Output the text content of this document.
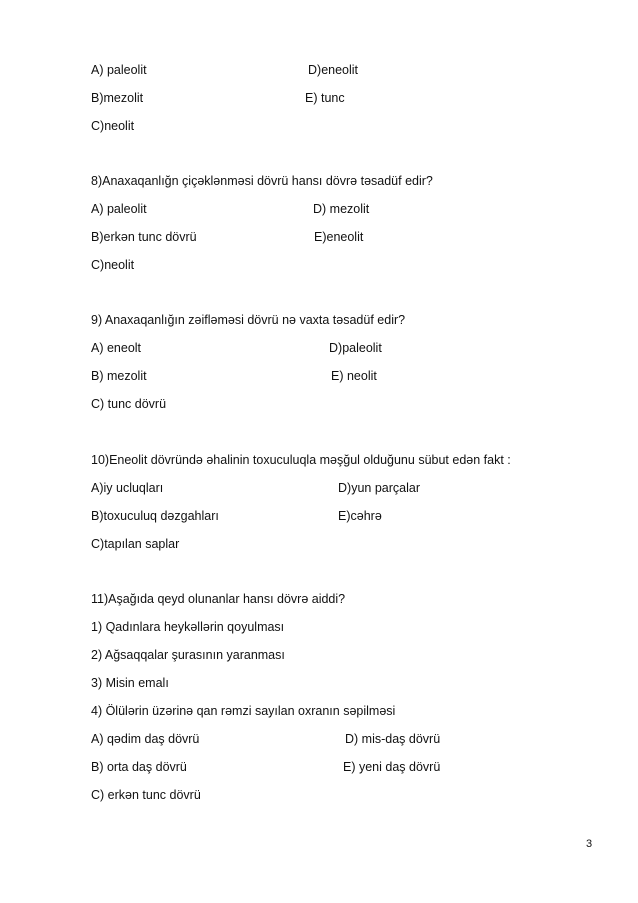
A) paleolit	D)eneolit
B)mezolit	E) tunc
C)neolit
8)Anaxaqanlığn çiçəklənməsi dövrü hansı dövrə təsadüf edir?
A) paleolit	D) mezolit
B)erkən tunc dövrü	E)eneolit
C)neolit
9) Anaxaqanlığın zəifləməsi dövrü nə vaxta təsadüf edir?
A) eneolt	D)paleolit
B) mezolit	E) neolit
C) tunc dövrü
10)Eneolit dövründə əhalinin toxuculuqla məşğul olduğunu sübut edən fakt :
A)iy ucluqları	D)yun parçalar
B)toxuculuq dəzgahları	E)cəhrə
C)tapılan saplar
11)Aşağıda qeyd olunanlar hansı dövrə aiddi?
1) Qadınlara heykəllərin qoyulması
2) Ağsaqqalar şurasının yaranması
3) Misin emalı
4) Ölülərin üzərinə qan rəmzi sayılan oxranın səpilməsi
A) qədim daş dövrü	D) mis-daş dövrü
B) orta daş dövrü	E) yeni daş dövrü
C) erkən tunc dövrü
3
